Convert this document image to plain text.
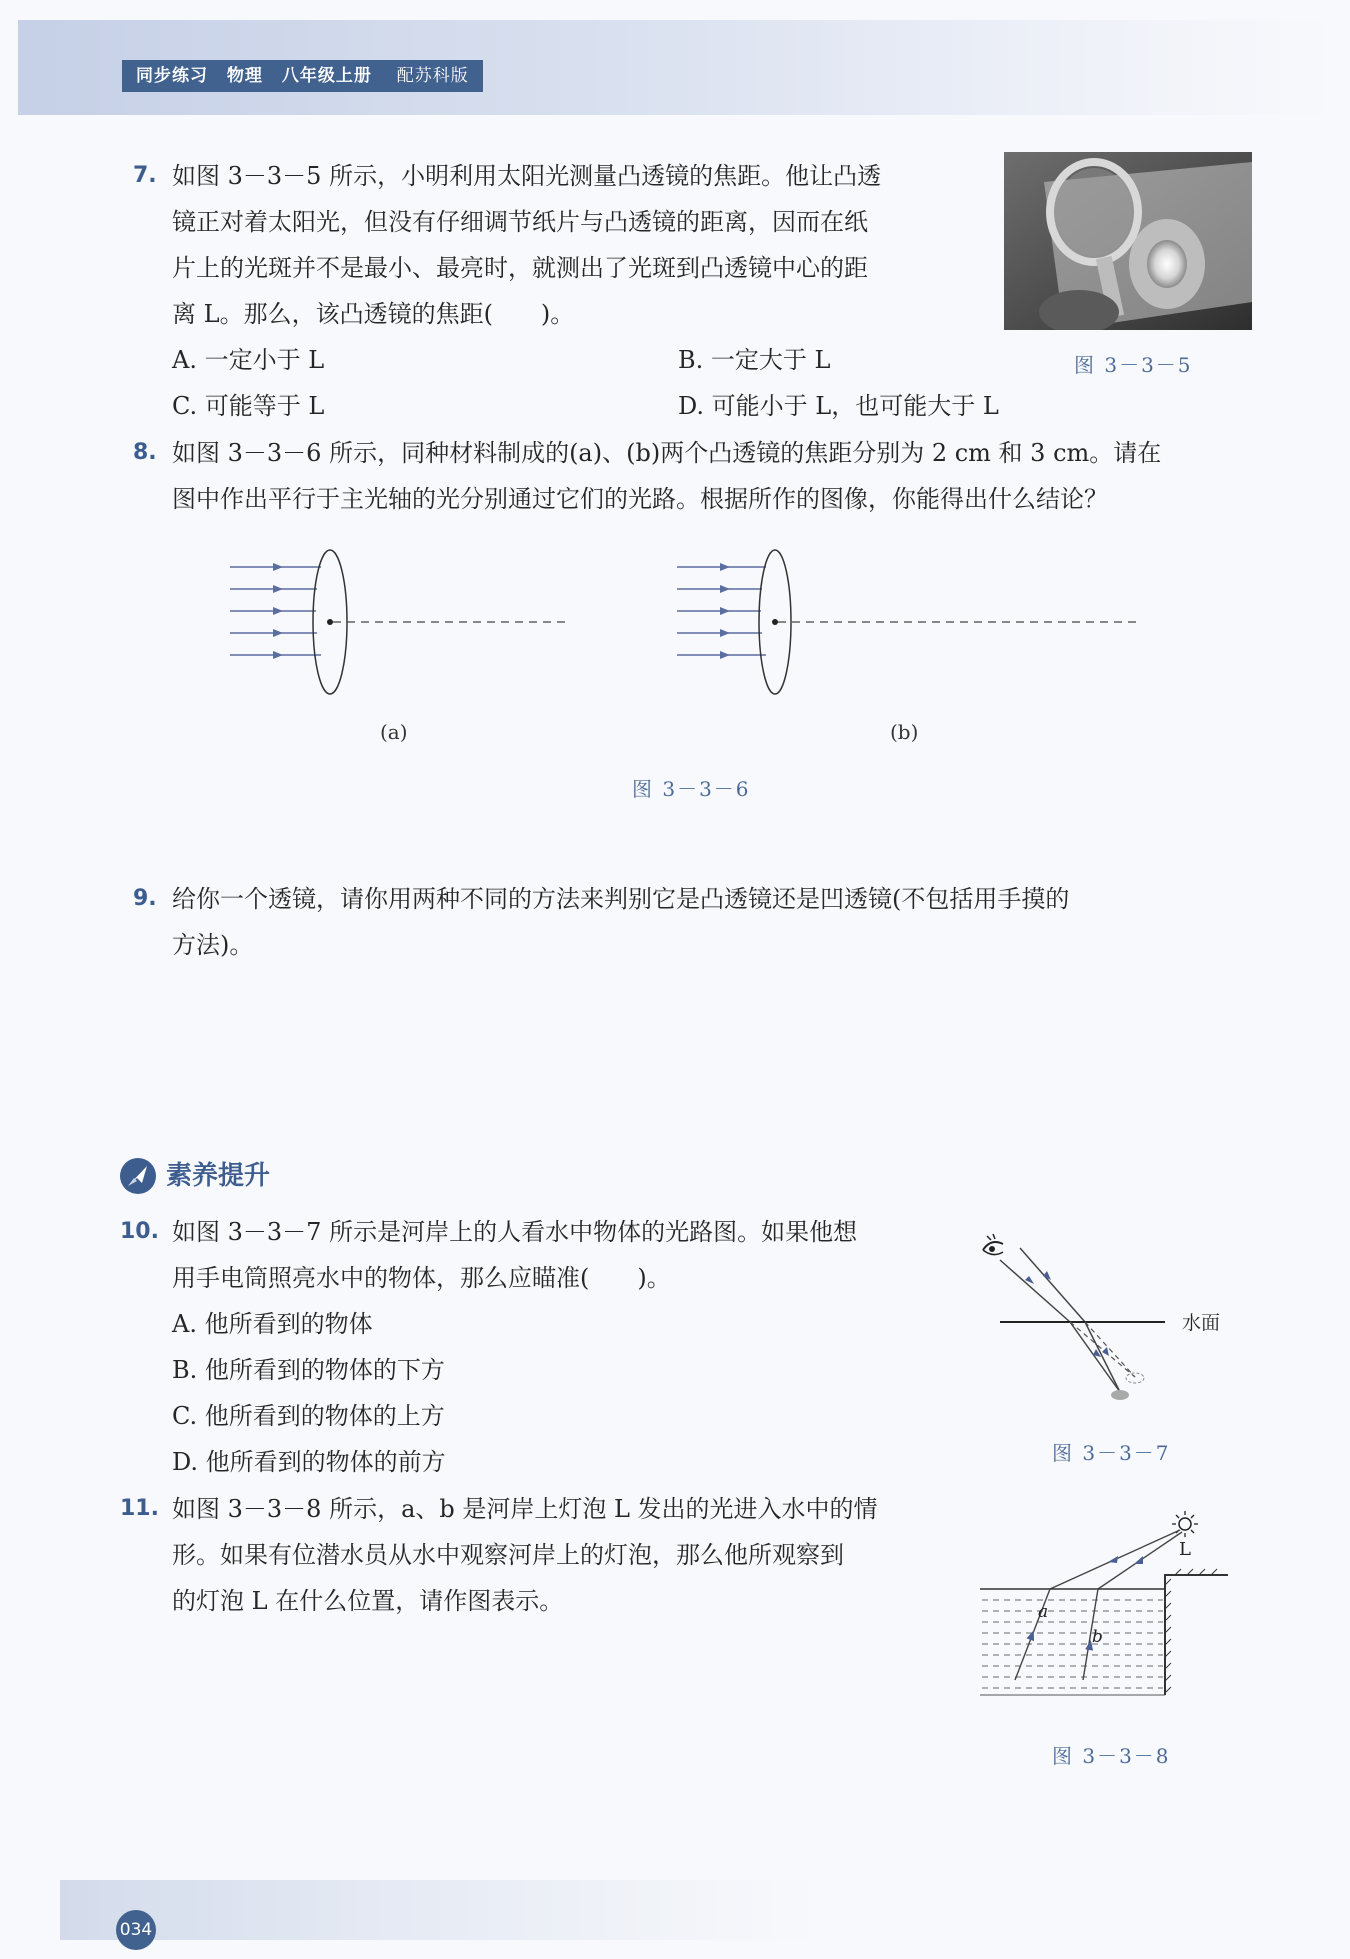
同步练习 物理 八年级上册 配苏科版
7. 如图 3－3－5 所示，小明利用太阳光测量凸透镜的焦距。他让凸透
镜正对着太阳光，但没有仔细调节纸片与凸透镜的距离，因而在纸
片上的光斑并不是最小、最亮时，就测出了光斑到凸透镜中心的距
离 L。那么，该凸透镜的焦距(　　)。
A. 一定小于 L	B. 一定大于 L
C. 可能等于 L	D. 可能小于 L，也可能大于 L
图 3－3－5
8. 如图 3－3－6 所示，同种材料制成的(a)、(b)两个凸透镜的焦距分别为 2 cm 和 3 cm。请在
图中作出平行于主光轴的光分别通过它们的光路。根据所作的图像，你能得出什么结论？
(a)	(b)
图 3－3－6
9. 给你一个透镜，请你用两种不同的方法来判别它是凸透镜还是凹透镜(不包括用手摸的
方法)。
素养提升
10. 如图 3－3－7 所示是河岸上的人看水中物体的光路图。如果他想
用手电筒照亮水中的物体，那么应瞄准(　　)。
A. 他所看到的物体
B. 他所看到的物体的下方
C. 他所看到的物体的上方
D. 他所看到的物体的前方
水面
图 3－3－7
11. 如图 3－3－8 所示，a、b 是河岸上灯泡 L 发出的光进入水中的情
形。如果有位潜水员从水中观察河岸上的灯泡，那么他所观察到
的灯泡 L 在什么位置，请作图表示。
L
a
b
图 3－3－8
034
